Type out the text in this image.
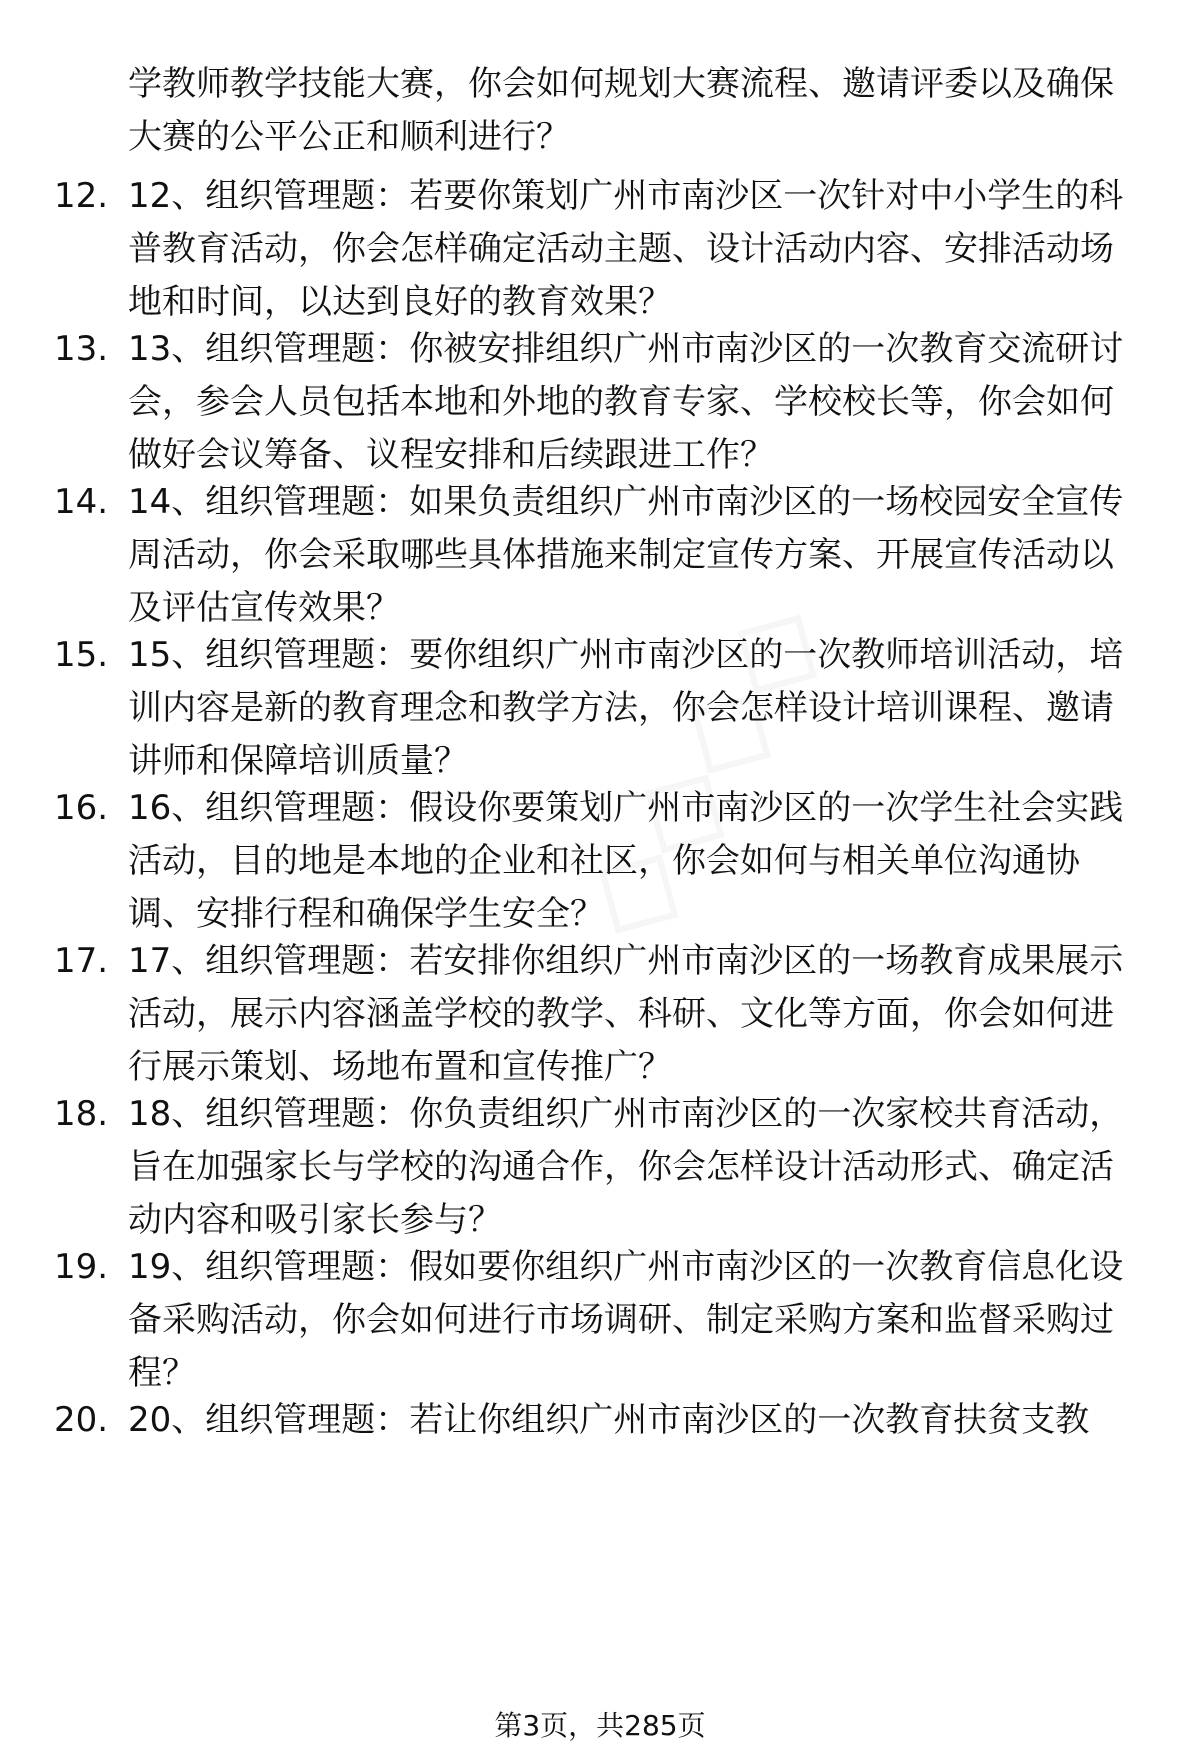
学教师教学技能大赛，你会如何规划大赛流程、邀请评委以及确保大赛的公平公正和顺利进行？
12. 12、组织管理题：若要你策划广州市南沙区一次针对中小学生的科普教育活动，你会怎样确定活动主题、设计活动内容、安排活动场地和时间，以达到良好的教育效果？
13. 13、组织管理题：你被安排组织广州市南沙区的一次教育交流研讨会，参会人员包括本地和外地的教育专家、学校校长等，你会如何做好会议筹备、议程安排和后续跟进工作？
14. 14、组织管理题：如果负责组织广州市南沙区的一场校园安全宣传周活动，你会采取哪些具体措施来制定宣传方案、开展宣传活动以及评估宣传效果？
15. 15、组织管理题：要你组织广州市南沙区的一次教师培训活动，培训内容是新的教育理念和教学方法，你会怎样设计培训课程、邀请讲师和保障培训质量？
16. 16、组织管理题：假设你要策划广州市南沙区的一次学生社会实践活动，目的地是本地的企业和社区，你会如何与相关单位沟通协调、安排行程和确保学生安全？
17. 17、组织管理题：若安排你组织广州市南沙区的一场教育成果展示活动，展示内容涵盖学校的教学、科研、文化等方面，你会如何进行展示策划、场地布置和宣传推广？
18. 18、组织管理题：你负责组织广州市南沙区的一次家校共育活动，旨在加强家长与学校的沟通合作，你会怎样设计活动形式、确定活动内容和吸引家长参与？
19. 19、组织管理题：假如要你组织广州市南沙区的一次教育信息化设备采购活动，你会如何进行市场调研、制定采购方案和监督采购过程？
20. 20、组织管理题：若让你组织广州市南沙区的一次教育扶贫支教
第3页，共285页
